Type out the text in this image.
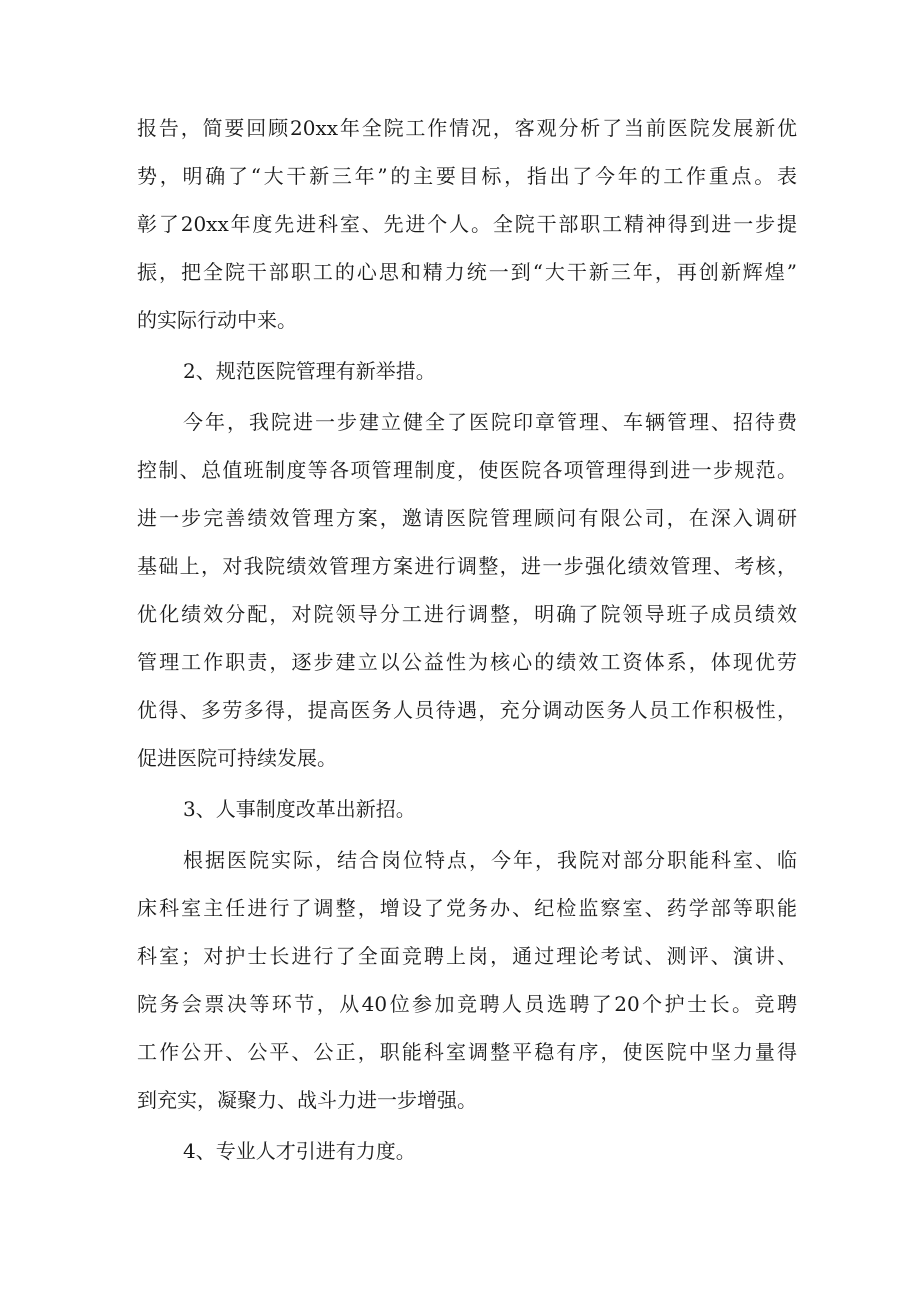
报告，简要回顾20xx年全院工作情况，客观分析了当前医院发展新优
势，明确了“大干新三年”的主要目标，指出了今年的工作重点。表
彰了20xx年度先进科室、先进个人。全院干部职工精神得到进一步提
振，把全院干部职工的心思和精力统一到“大干新三年，再创新辉煌”
的实际行动中来。
2、规范医院管理有新举措。
今年，我院进一步建立健全了医院印章管理、车辆管理、招待费
控制、总值班制度等各项管理制度，使医院各项管理得到进一步规范。
进一步完善绩效管理方案，邀请医院管理顾问有限公司，在深入调研
基础上，对我院绩效管理方案进行调整，进一步强化绩效管理、考核，
优化绩效分配，对院领导分工进行调整，明确了院领导班子成员绩效
管理工作职责，逐步建立以公益性为核心的绩效工资体系，体现优劳
优得、多劳多得，提高医务人员待遇，充分调动医务人员工作积极性，
促进医院可持续发展。
3、人事制度改革出新招。
根据医院实际，结合岗位特点，今年，我院对部分职能科室、临
床科室主任进行了调整，增设了党务办、纪检监察室、药学部等职能
科室；对护士长进行了全面竞聘上岗，通过理论考试、测评、演讲、
院务会票决等环节，从40位参加竞聘人员选聘了20个护士长。竞聘
工作公开、公平、公正，职能科室调整平稳有序，使医院中坚力量得
到充实，凝聚力、战斗力进一步增强。
4、专业人才引进有力度。
